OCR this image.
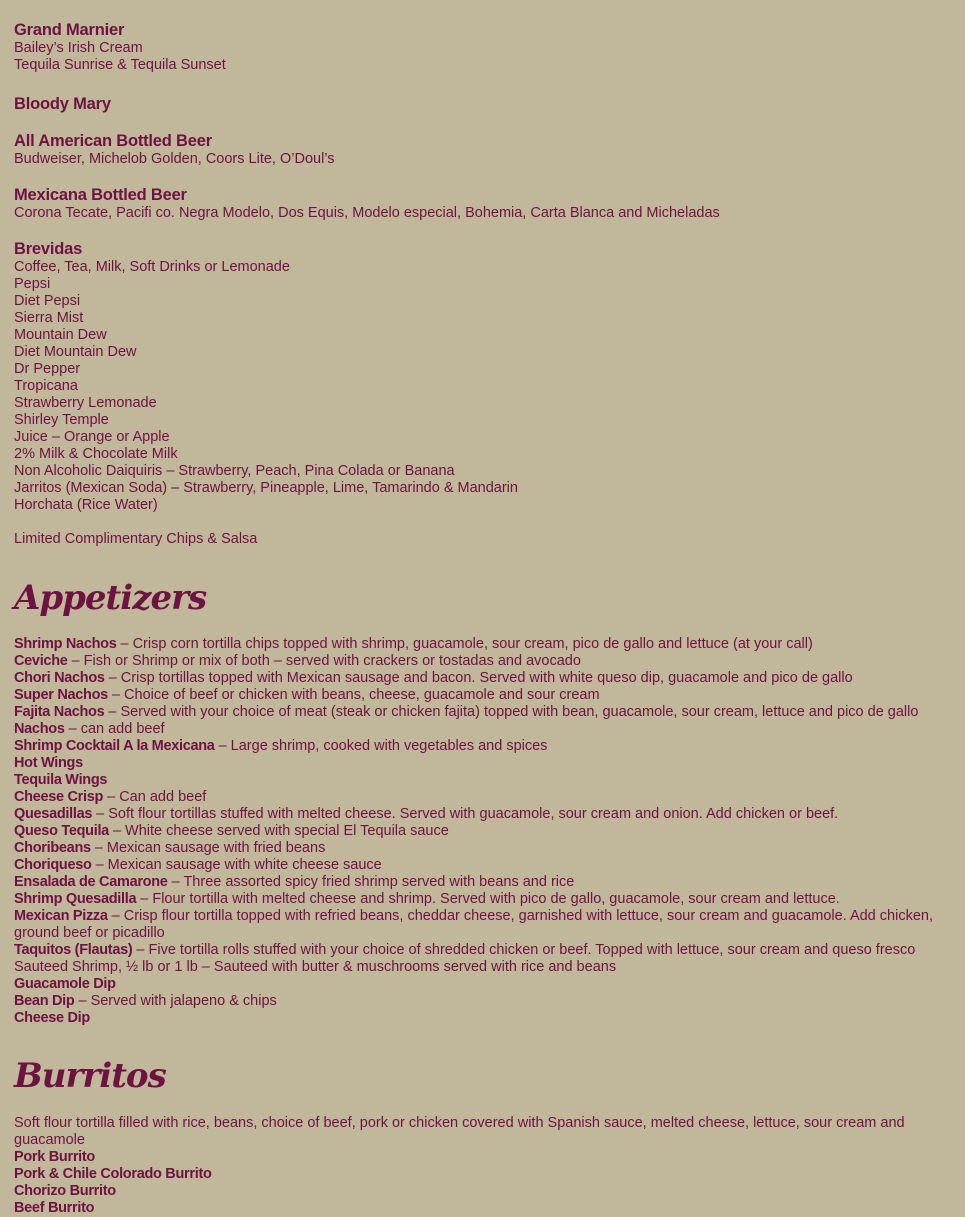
Grand Marnier
Bailey’s Irish Cream
Tequila Sunrise & Tequila Sunset
Bloody Mary
All American Bottled Beer
Budweiser, Michelob Golden, Coors Lite, O’Doul’s
Mexicana Bottled Beer
Corona Tecate, Pacifi co. Negra Modelo, Dos Equis, Modelo especial, Bohemia, Carta Blanca and Micheladas
Brevidas
Coffee, Tea, Milk, Soft Drinks or Lemonade
Pepsi
Diet Pepsi
Sierra Mist
Mountain Dew
Diet Mountain Dew
Dr Pepper
Tropicana
Strawberry Lemonade
Shirley Temple
Juice – Orange or Apple
2% Milk & Chocolate Milk
Non Alcoholic Daiquiris – Strawberry, Peach, Pina Colada or Banana
Jarritos (Mexican Soda) – Strawberry, Pineapple, Lime, Tamarindo & Mandarin
Horchata (Rice Water)
Limited Complimentary Chips & Salsa
Appetizers
Shrimp Nachos – Crisp corn tortilla chips topped with shrimp, guacamole, sour cream, pico de gallo and lettuce (at your call)
Ceviche – Fish or Shrimp or mix of both – served with crackers or tostadas and avocado
Chori Nachos – Crisp tortillas topped with Mexican sausage and bacon. Served with white queso dip, guacamole and pico de gallo
Super Nachos – Choice of beef or chicken with beans, cheese, guacamole and sour cream
Fajita Nachos – Served with your choice of meat (steak or chicken fajita) topped with bean, guacamole, sour cream, lettuce and pico de gallo
Nachos – can add beef
Shrimp Cocktail A la Mexicana – Large shrimp, cooked with vegetables and spices
Hot Wings
Tequila Wings
Cheese Crisp – Can add beef
Quesadillas – Soft flour tortillas stuffed with melted cheese. Served with guacamole, sour cream and onion. Add chicken or beef.
Queso Tequila – White cheese served with special El Tequila sauce
Choribeans – Mexican sausage with fried beans
Choriqueso – Mexican sausage with white cheese sauce
Ensalada de Camarone – Three assorted spicy fried shrimp served with beans and rice
Shrimp Quesadilla – Flour tortilla with melted cheese and shrimp. Served with pico de gallo, guacamole, sour cream and lettuce.
Mexican Pizza – Crisp flour tortilla topped with refried beans, cheddar cheese, garnished with lettuce, sour cream and guacamole. Add chicken, ground beef or picadillo
Taquitos (Flautas) – Five tortilla rolls stuffed with your choice of shredded chicken or beef. Topped with lettuce, sour cream and queso fresco
Sauteed Shrimp, ½ lb or 1 lb – Sauteed with butter & muschrooms served with rice and beans
Guacamole Dip
Bean Dip – Served with jalapeno & chips
Cheese Dip
Burritos
Soft flour tortilla filled with rice, beans, choice of beef, pork or chicken covered with Spanish sauce, melted cheese, lettuce, sour cream and guacamole
Pork Burrito
Pork & Chile Colorado Burrito
Chorizo Burrito
Beef Burrito
